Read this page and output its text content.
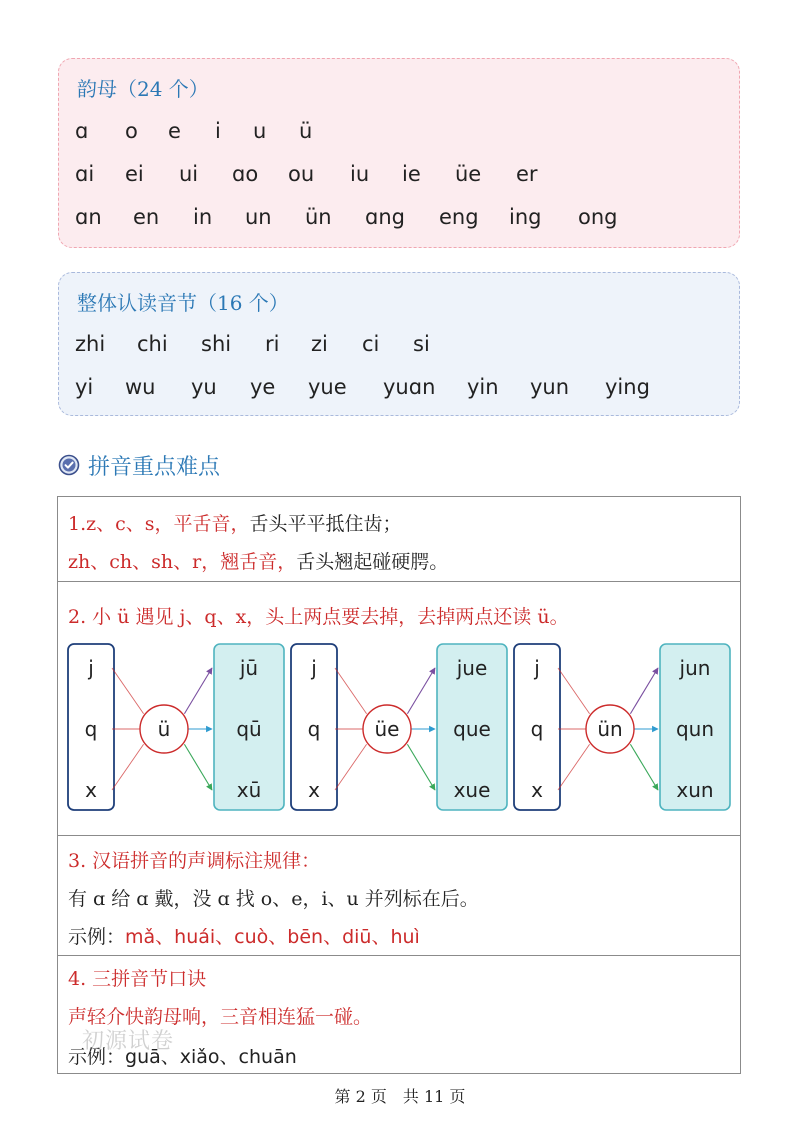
韵母（24 个）
ɑ o e i u ü
ɑi ei ui ɑo ou iu ie üe er
ɑn en in un ün ɑng eng ing ong
整体认读音节（16 个）
zhi chi shi ri zi ci si
yi wu yu ye yue yuɑn yin yun ying
拼音重点难点
1.z、c、s，平舌音，舌头平平抵住齿；
zh、ch、sh、r，翘舌音，舌头翘起碰硬腭。
2. 小 ü 遇见 j、q、x，头上两点要去掉，去掉两点还读 ü。
ü
j
q
x
jū
qū
xū
üe
j
q
x
jue
que
xue
ün
j
q
x
jun
qun
xun
3. 汉语拼音的声调标注规律：
有 ɑ 给 ɑ 戴，没 ɑ 找 o、e，i、u 并列标在后。
示例：mǎ、huái、cuò、bēn、diū、huì
4. 三拼音节口诀
声轻介快韵母响，三音相连猛一碰。
示例：guā、xiǎo、chuān
初源试卷
第 2 页　共 11 页
